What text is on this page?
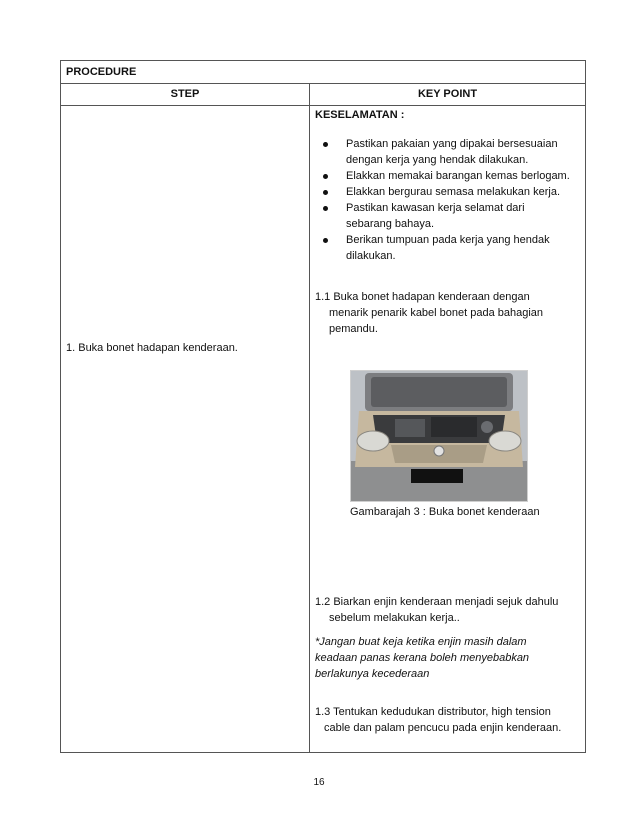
PROCEDURE
STEP	KEY POINT
1. Buka bonet hadapan kenderaan.
KESELAMATAN :
Pastikan pakaian yang dipakai bersesuaian
dengan kerja yang hendak dilakukan.
Elakkan memakai barangan kemas berlogam.
Elakkan bergurau semasa melakukan kerja.
Pastikan kawasan kerja selamat dari
sebarang bahaya.
Berikan tumpuan pada kerja yang hendak
dilakukan.
1.1 Buka bonet hadapan kenderaan dengan
menarik penarik kabel bonet pada bahagian
pemandu.
Gambarajah 3 : Buka bonet kenderaan
1.2 Biarkan enjin kenderaan menjadi sejuk dahulu
sebelum melakukan kerja..
*Jangan buat keja ketika enjin masih dalam
keadaan panas kerana boleh menyebabkan
berlakunya kecederaan
1.3 Tentukan kedudukan distributor, high tension
cable dan palam pencucu pada enjin kenderaan.
16
